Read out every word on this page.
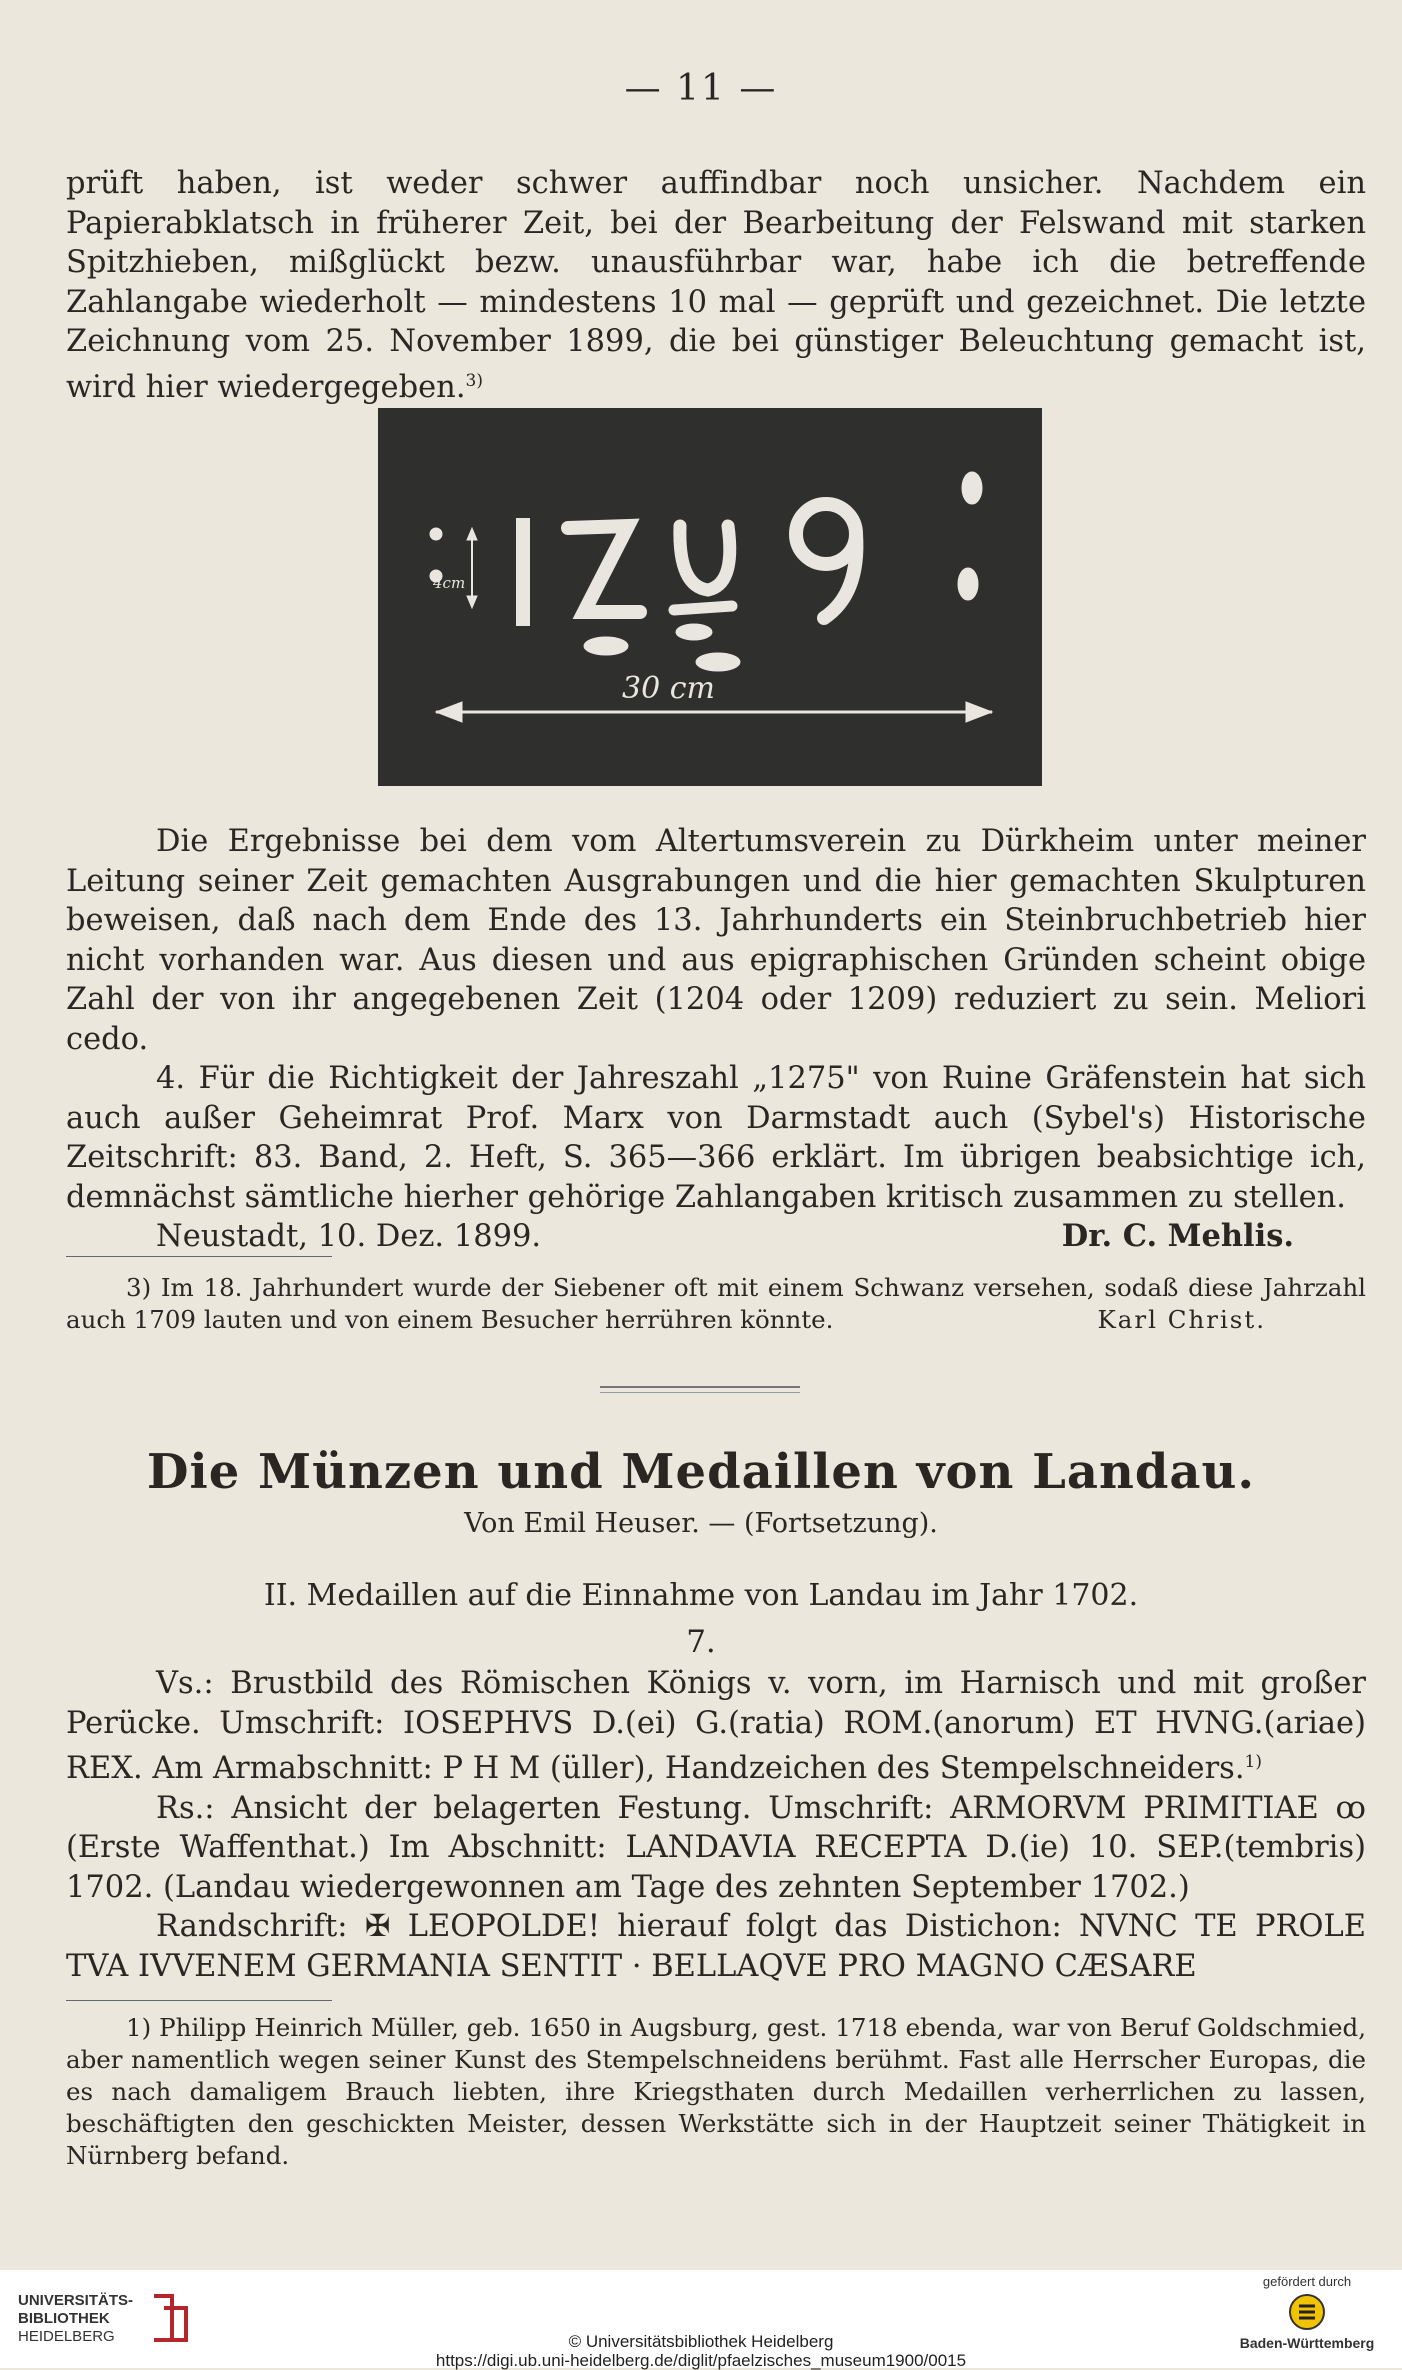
— 11 —

prüft haben, ist weder schwer auffindbar noch unsicher. Nachdem ein Papierabklatsch in früherer Zeit, bei der Bearbeitung der Felswand mit starken Spitzhieben, mißglückt bezw. unausführbar war, habe ich die betreffende Zahlangabe wiederholt — mindestens 10 mal — geprüft und gezeichnet. Die letzte Zeichnung vom 25. November 1899, die bei günstiger Beleuchtung gemacht ist, wird hier wiedergegeben.$^{3)}$

4cm
30 cm

Die Ergebnisse bei dem vom Altertumsverein zu Dürkheim unter meiner Leitung seiner Zeit gemachten Ausgrabungen und die hier gemachten Skulpturen beweisen, daß nach dem Ende des 13. Jahrhunderts ein Steinbruchbetrieb hier nicht vorhanden war. Aus diesen und aus epigraphischen Gründen scheint obige Zahl der von ihr angegebenen Zeit (1204 oder 1209) reduziert zu sein. Meliori cedo.

4. Für die Richtigkeit der Jahreszahl „1275" von Ruine Gräfenstein hat sich auch außer Geheimrat Prof. Marx von Darmstadt auch (Sybel's) Historische Zeitschrift: 83. Band, 2. Heft, S. 365—366 erklärt. Im übrigen beabsichtige ich, demnächst sämtliche hierher gehörige Zahlangaben kritisch zusammen zu stellen.

Neustadt, 10. Dez. 1899.	Dr. C. Mehlis.

3) Im 18. Jahrhundert wurde der Siebener oft mit einem Schwanz versehen, sodaß diese Jahrzahl auch 1709 lauten und von einem Besucher herrühren könnte.	Karl Christ.

Die Münzen und Medaillen von Landau.
Von Emil Heuser. — (Fortsetzung).
II. Medaillen auf die Einnahme von Landau im Jahr 1702.
7.

Vs.: Brustbild des Römischen Königs v. vorn, im Harnisch und mit großer Perücke. Umschrift: IOSEPHVS D.(ei) G.(ratia) ROM.(anorum) ET HVNG.(ariae) REX. Am Armabschnitt: P H M (üller), Handzeichen des Stempelschneiders.$^{1)}$

Rs.: Ansicht der belagerten Festung. Umschrift: ARMORVM PRIMITIAE ꝏ (Erste Waffenthat.) Im Abschnitt: LANDAVIA RECEPTA D.(ie) 10. SEP.(tembris) 1702. (Landau wiedergewonnen am Tage des zehnten September 1702.)

Randschrift: ✠ LEOPOLDE! hierauf folgt das Distichon: NVNC TE PROLE TVA IVVENEM GERMANIA SENTIT · BELLAQVE PRO MAGNO CÆSARE

1) Philipp Heinrich Müller, geb. 1650 in Augsburg, gest. 1718 ebenda, war von Beruf Goldschmied, aber namentlich wegen seiner Kunst des Stempelschneidens berühmt. Fast alle Herrscher Europas, die es nach damaligem Brauch liebten, ihre Kriegsthaten durch Medaillen verherrlichen zu lassen, beschäftigten den geschickten Meister, dessen Werkstätte sich in der Hauptzeit seiner Thätigkeit in Nürnberg befand.

UNIVERSITÄTS-
BIBLIOTHEK
HEIDELBERG	© Universitätsbibliothek Heidelberg
https://digi.ub.uni-heidelberg.de/diglit/pfaelzisches_museum1900/0015
gefördert durch
Baden-Württemberg
